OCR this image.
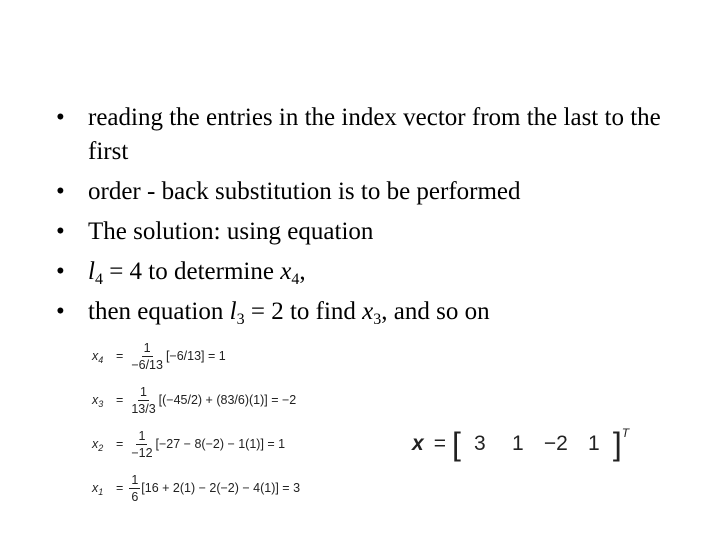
• reading the entries in the index vector from the last to the first
• order - back substitution is to be performed
• The solution: using equation
• $l_4 = 4$ to determine $x_4$,
• then equation $l_3 = 2$ to find $x_3$, and so on
$x_4$	= $\frac{1}{-6/13} [-6/13] = 1$
$x_3$	= $\frac{1}{13/3} [(-45/2) + (83/6)(1)] = -2$
$x_2$	= $\frac{1}{-12} [-27 - 8(-2) - 1(1)] = 1$
$x_1$	= $\frac{1}{6} [16 + 2(1) - 2(-2) - 4(1)] = 3$
x = [ 3	1 −2 1 ] T
